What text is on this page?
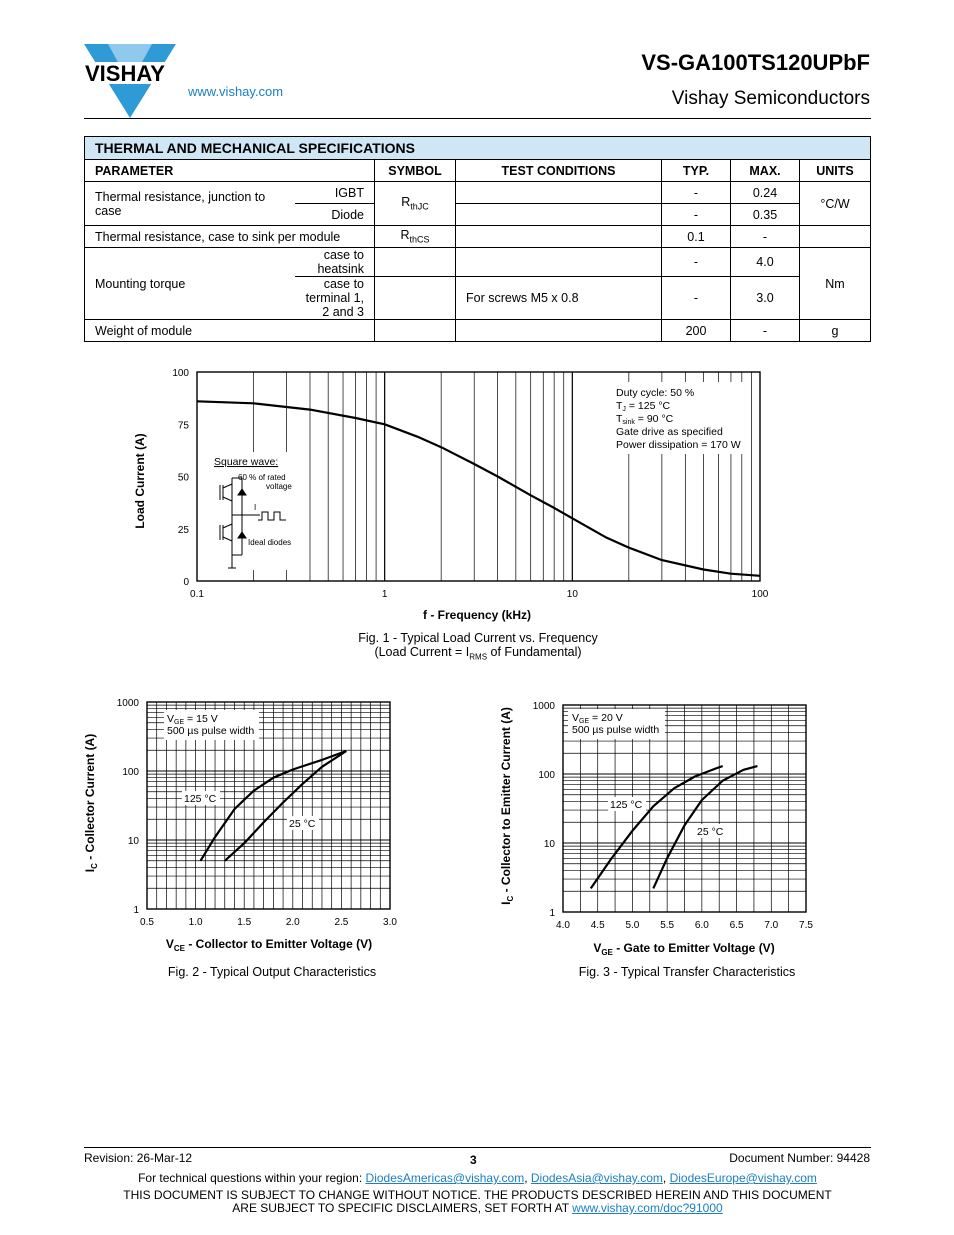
VISHAY
www.vishay.com
VS-GA100TS120UPbF
Vishay Semiconductors
THERMAL AND MECHANICAL SPECIFICATIONS						
PARAMETER		SYMBOL	TEST CONDITIONS	TYP.	MAX.	UNITS
Thermal resistance, junction to case	IGBT	$R_{thJC}$		-	0.24	°C/W
	Diode			-	0.35	
Thermal resistance, case to sink per module		$R_{thCS}$		0.1	-	
Mounting torque	case to heatsink			-	4.0	Nm
	case to terminal 1, 2 and 3		For screws M5 x 0.8	-	3.0	
Weight of module				200	-	g
0.1	1	10	100
0
25
50
75
100
f - Frequency (kHz)
Load Current (A)
Duty cycle: 50 %
TJ = 125 °C
Tsink = 90 °C
Gate drive as specified
Power dissipation = 170 W
Square wave:
60 % of rated
voltage
Ideal diodes
I
Fig. 1 - Typical Load Current vs. Frequency
(Load Current = $I_{RMS}$ of Fundamental)
0.5	1.0	1.5	2.0	2.5	3.0
1
10
100
1000
$V_{CE}$ - Collector to Emitter Voltage (V)
$I_C$ - Collector Current (A)
VGE = 15 V
500 µs pulse width
125 °C
25 °C
Fig. 2 - Typical Output Characteristics
4.0 4.5 5.0 5.5 6.0 6.5 7.0 7.5
1
10
100
1000
$V_{GE}$ - Gate to Emitter Voltage (V)
$I_C$ - Collector to Emitter Current (A)	VGE = 20 V
500 µs pulse width
125 °C
25 °C
Fig. 3 - Typical Transfer Characteristics
Revision: 26-Mar-12	3	Document Number: 94428
For technical questions within your region: DiodesAmericas@vishay.com, DiodesAsia@vishay.com, DiodesEurope@vishay.com
THIS DOCUMENT IS SUBJECT TO CHANGE WITHOUT NOTICE. THE PRODUCTS DESCRIBED HEREIN AND THIS DOCUMENT
ARE SUBJECT TO SPECIFIC DISCLAIMERS, SET FORTH AT www.vishay.com/doc?91000
